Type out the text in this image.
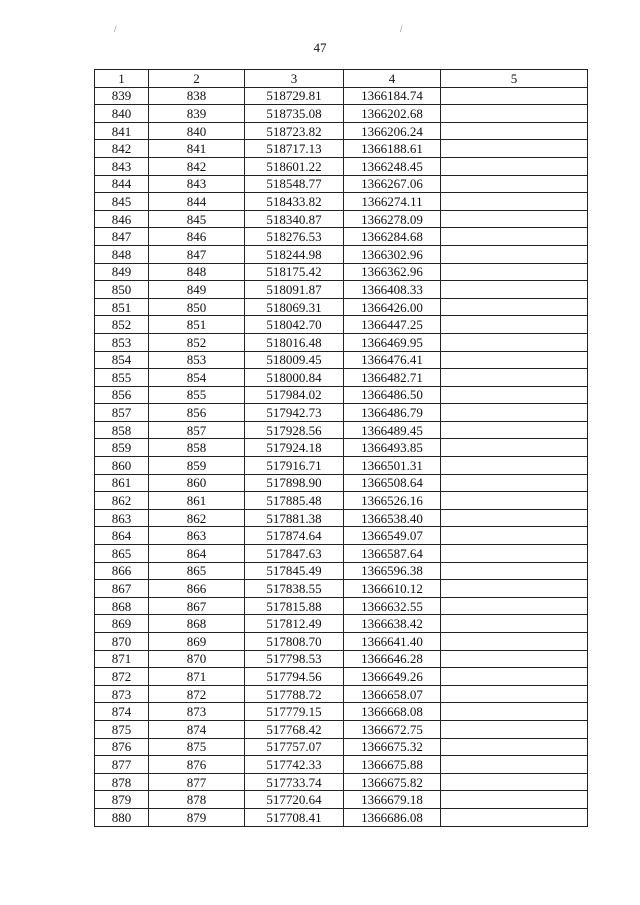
/	/
47
1	2	3	4	5
839	838	518729.81	1366184.74	
840	839	518735.08	1366202.68	
841	840	518723.82	1366206.24	
842	841	518717.13	1366188.61	
843	842	518601.22	1366248.45	
844	843	518548.77	1366267.06	
845	844	518433.82	1366274.11	
846	845	518340.87	1366278.09	
847	846	518276.53	1366284.68	
848	847	518244.98	1366302.96	
849	848	518175.42	1366362.96	
850	849	518091.87	1366408.33	
851	850	518069.31	1366426.00	
852	851	518042.70	1366447.25	
853	852	518016.48	1366469.95	
854	853	518009.45	1366476.41	
855	854	518000.84	1366482.71	
856	855	517984.02	1366486.50	
857	856	517942.73	1366486.79	
858	857	517928.56	1366489.45	
859	858	517924.18	1366493.85	
860	859	517916.71	1366501.31	
861	860	517898.90	1366508.64	
862	861	517885.48	1366526.16	
863	862	517881.38	1366538.40	
864	863	517874.64	1366549.07	
865	864	517847.63	1366587.64	
866	865	517845.49	1366596.38	
867	866	517838.55	1366610.12	
868	867	517815.88	1366632.55	
869	868	517812.49	1366638.42	
870	869	517808.70	1366641.40	
871	870	517798.53	1366646.28	
872	871	517794.56	1366649.26	
873	872	517788.72	1366658.07	
874	873	517779.15	1366668.08	
875	874	517768.42	1366672.75	
876	875	517757.07	1366675.32	
877	876	517742.33	1366675.88	
878	877	517733.74	1366675.82	
879	878	517720.64	1366679.18	
880	879	517708.41	1366686.08	
